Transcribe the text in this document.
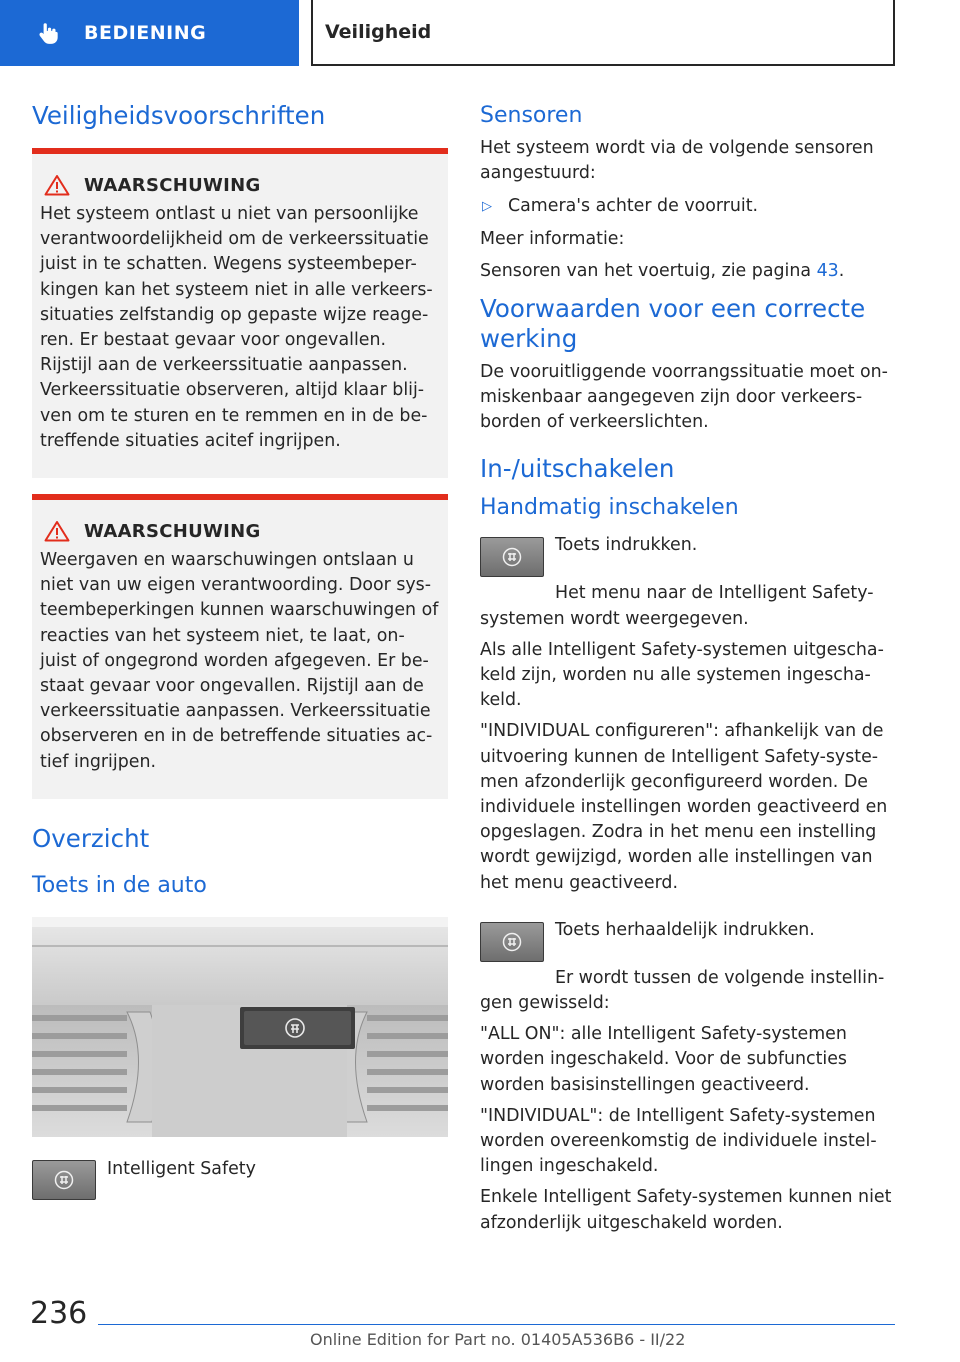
BEDIENING	Veiligheid
Veiligheidsvoorschriften
WAARSCHUWING

Het systeem ontlast u niet van persoonlijke verantwoordelijkheid om de verkeerssituatie juist in te schatten. Wegens systeembeper-kingen kan het systeem niet in alle verkeers-situaties zelfstandig op gepaste wijze reage-ren. Er bestaat gevaar voor ongevallen. Rijstijl aan de verkeerssituatie aanpassen. Verkeerssituatie observeren, altijd klaar blij-ven om te sturen en te remmen en in de be-treffende situaties acitef ingrijpen.

WAARSCHUWING

Weergaven en waarschuwingen ontslaan u niet van uw eigen verantwoording. Door sys-teembeperkingen kunnen waarschuwingen of reacties van het systeem niet, te laat, on-juist of ongegrond worden afgegeven. Er be-staat gevaar voor ongevallen. Rijstijl aan de verkeerssituatie aanpassen. Verkeerssituatie observeren en in de betreffende situaties ac-tief ingrijpen.

Overzicht
Toets in de auto

Intelligent Safety

Sensoren

Het systeem wordt via de volgende sensoren aangestuurd:

▷ Camera's achter de voorruit.

Meer informatie:

Sensoren van het voertuig, zie pagina 43.

Voorwaarden voor een correcte werking

De vooruitliggende voorrangssituatie moet on-miskenbaar aangegeven zijn door verkeers-borden of verkeerslichten.

In-/uitschakelen
Handmatig inschakelen

Toets indrukken.

Het menu naar de Intelligent Safety-systemen wordt weergegeven.

Als alle Intelligent Safety-systemen uitgescha-keld zijn, worden nu alle systemen ingescha-keld.

"INDIVIDUAL configureren": afhankelijk van de uitvoering kunnen de Intelligent Safety-syste-men afzonderlijk geconfigureerd worden. De individuele instellingen worden geactiveerd en opgeslagen. Zodra in het menu een instelling wordt gewijzigd, worden alle instellingen van het menu geactiveerd.

Toets herhaaldelijk indrukken.

Er wordt tussen de volgende instellin-gen gewisseld:

"ALL ON": alle Intelligent Safety-systemen worden ingeschakeld. Voor de subfuncties worden basisinstellingen geactiveerd.

"INDIVIDUAL": de Intelligent Safety-systemen worden overeenkomstig de individuele instel-lingen ingeschakeld.

Enkele Intelligent Safety-systemen kunnen niet afzonderlijk uitgeschakeld worden.

236
Online Edition for Part no. 01405A536B6 - II/22
